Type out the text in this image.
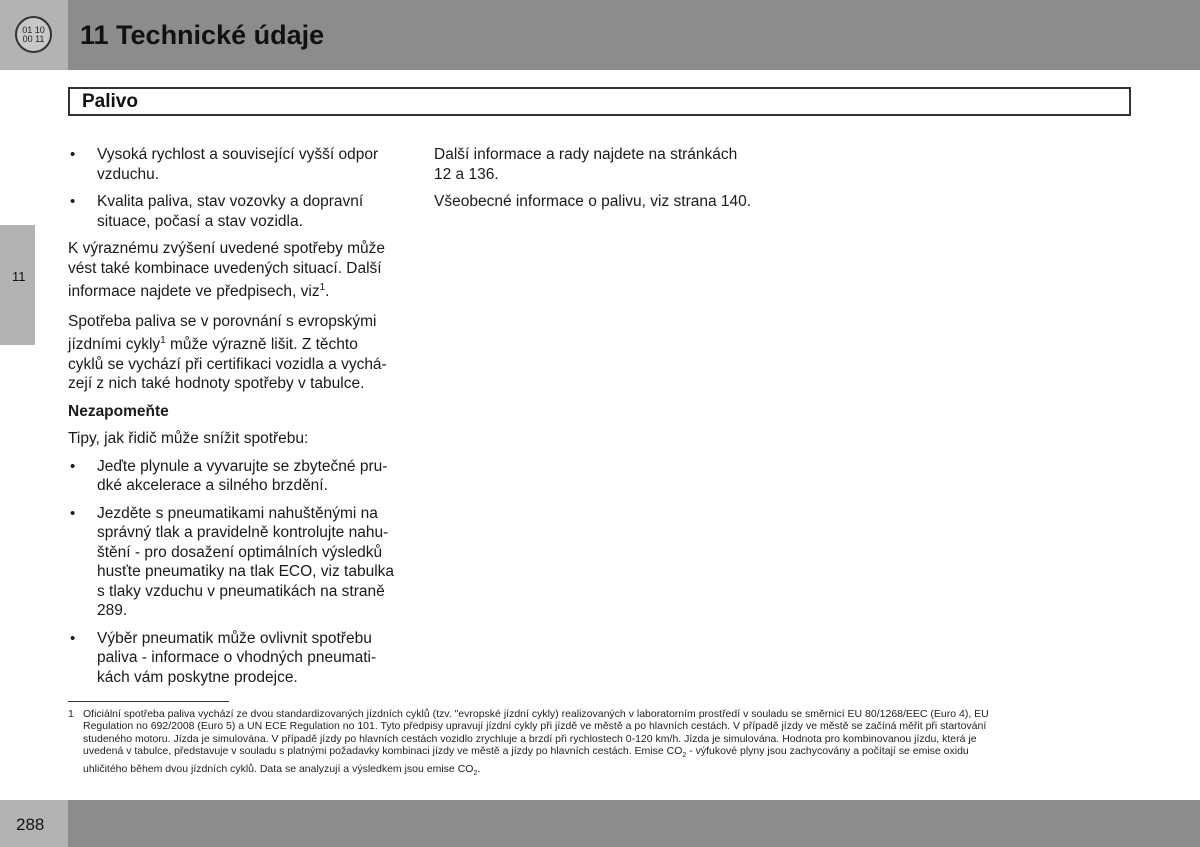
01 10
00 11 11 Technické údaje
11
Palivo
• Vysoká rychlost a související vyšší odpor
vzduchu.
• Kvalita paliva, stav vozovky a dopravní
situace, počasí a stav vozidla.
K výraznému zvýšení uvedené spotřeby může
vést také kombinace uvedených situací. Další
informace najdete ve předpisech, viz$^1$.
Spotřeba paliva se v porovnání s evropskými
jízdními cykly$^1$ může výrazně lišit. Z těchto
cyklů se vychází při certifikaci vozidla a vychá-
zejí z nich také hodnoty spotřeby v tabulce.
Nezapomeňte
Tipy, jak řidič může snížit spotřebu:
• Jeďte plynule a vyvarujte se zbytečné pru-
dké akcelerace a silného brzdění.
• Jezděte s pneumatikami nahuštěnými na
správný tlak a pravidelně kontrolujte nahu-
štění - pro dosažení optimálních výsledků
husťte pneumatiky na tlak ECO, viz tabulka
s tlaky vzduchu v pneumatikách na straně
289.
• Výběr pneumatik může ovlivnit spotřebu
paliva - informace o vhodných pneumati-
kách vám poskytne prodejce.
Další informace a rady najdete na stránkách
12 a 136.
Všeobecné informace o palivu, viz strana 140.
1 Oficiální spotřeba paliva vychází ze dvou standardizovaných jízdních cyklů (tzv. "evropské jízdní cykly) realizovaných v laboratorním prostředí v souladu se směrnicí EU 80/1268/EEC (Euro 4), EU
Regulation no 692/2008 (Euro 5) a UN ECE Regulation no 101. Tyto předpisy upravují jízdní cykly při jízdě ve městě a po hlavních cestách. V případě jízdy ve městě se začíná měřit při startování
studeného motoru. Jízda je simulována. V případě jízdy po hlavních cestách vozidlo zrychluje a brzdí při rychlostech 0-120 km/h. Jízda je simulována. Hodnota pro kombinovanou jízdu, která je
uvedená v tabulce, představuje v souladu s platnými požadavky kombinaci jízdy ve městě a jízdy po hlavních cestách. Emise $CO_2$ - výfukové plyny jsou zachycovány a počítají se emise oxidu
uhličitého během dvou jízdních cyklů. Data se analyzují a výsledkem jsou emise $CO_2$.
288
